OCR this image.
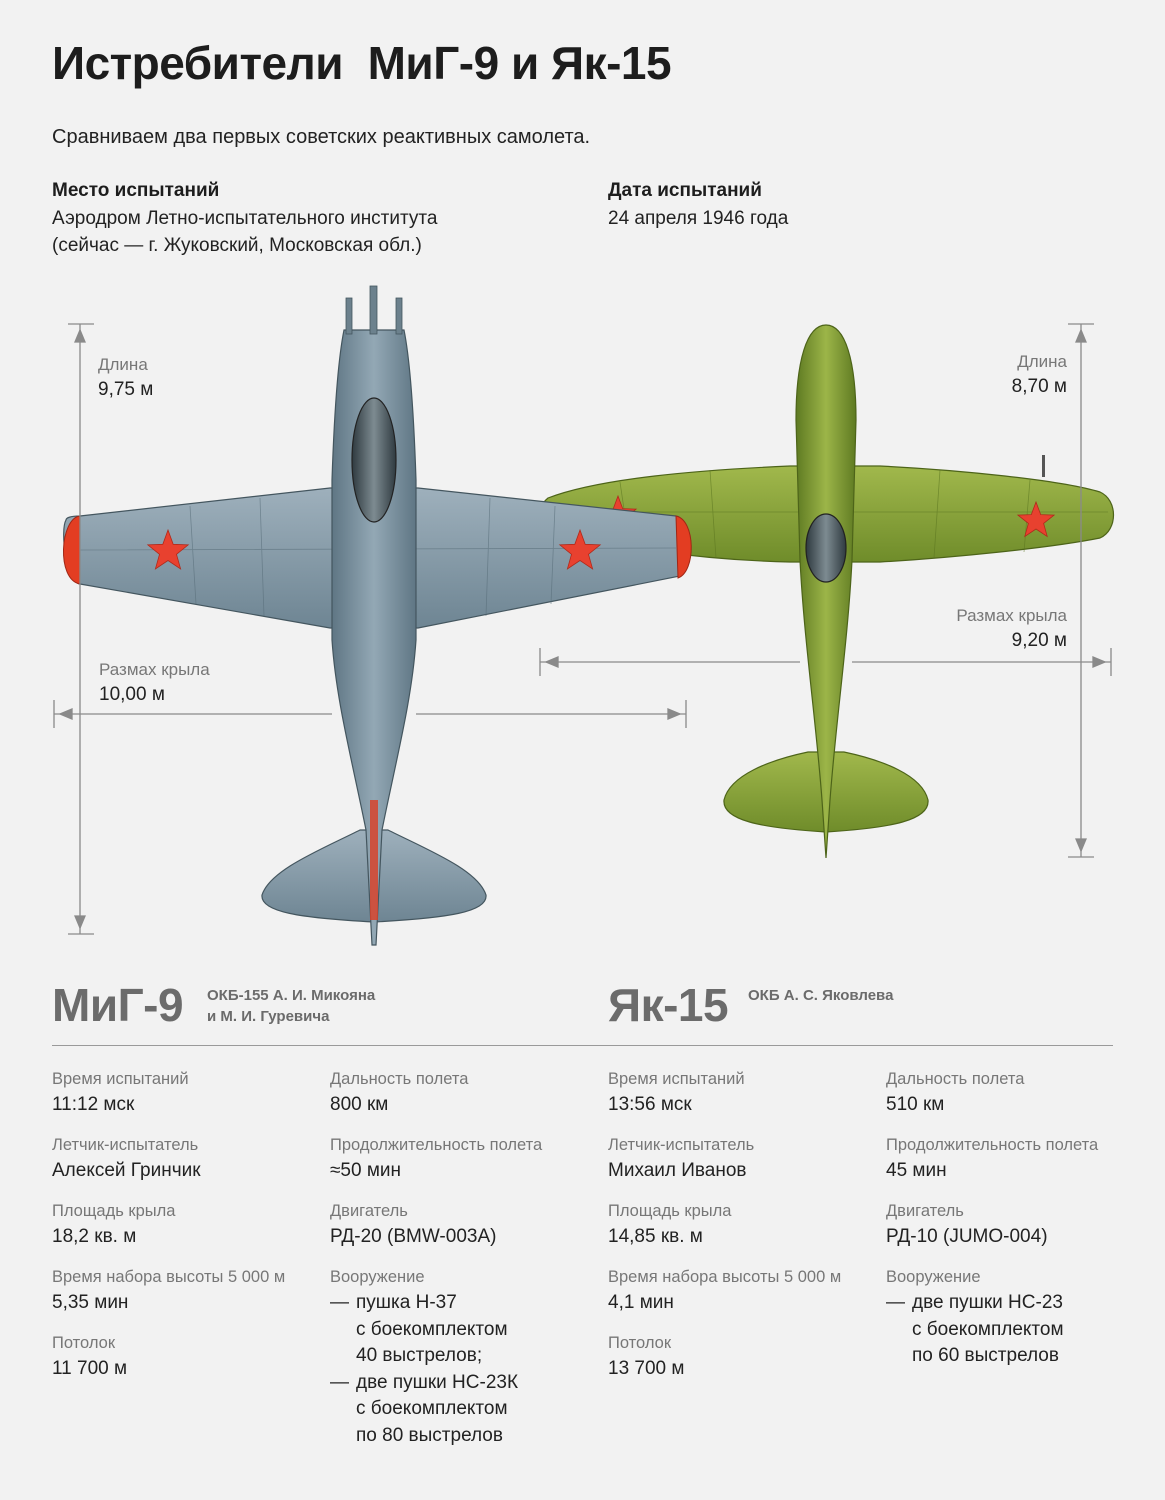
Истребители  МиГ-9 и Як-15
Сравниваем два первых советских реактивных самолета.
Место испытаний
Аэродром Летно-испытательного института
(сейчас — г. Жуковский, Московская обл.)
Дата испытаний
24 апреля 1946 года
Длина
9,75 м
Размах крыла
10,00 м
Длина
8,70 м
Размах крыла
9,20 м
МиГ-9 ОКБ-155 А. И. Микояна
и М. И. Гуревича	Як-15 ОКБ А. С. Яковлева
Время испытаний
11:12 мск
Летчик-испытатель
Алексей Гринчик
Площадь крыла
18,2 кв. м
Время набора высоты 5 000 м
5,35 мин
Потолок
11 700 м
Дальность полета
800 км
Продолжительность полета
≈50 мин
Двигатель
РД-20 (BMW-003A)
Вооружение
— пушка Н-37
с боекомплектом
40 выстрелов;
— две пушки НС-23К
с боекомплектом
по 80 выстрелов
Время испытаний
13:56 мск
Летчик-испытатель
Михаил Иванов
Площадь крыла
14,85 кв. м
Время набора высоты 5 000 м
4,1 мин
Потолок
13 700 м
Дальность полета
510 км
Продолжительность полета
45 мин
Двигатель
РД-10 (JUMO-004)
Вооружение
— две пушки НС-23
с боекомплектом
по 60 выстрелов
